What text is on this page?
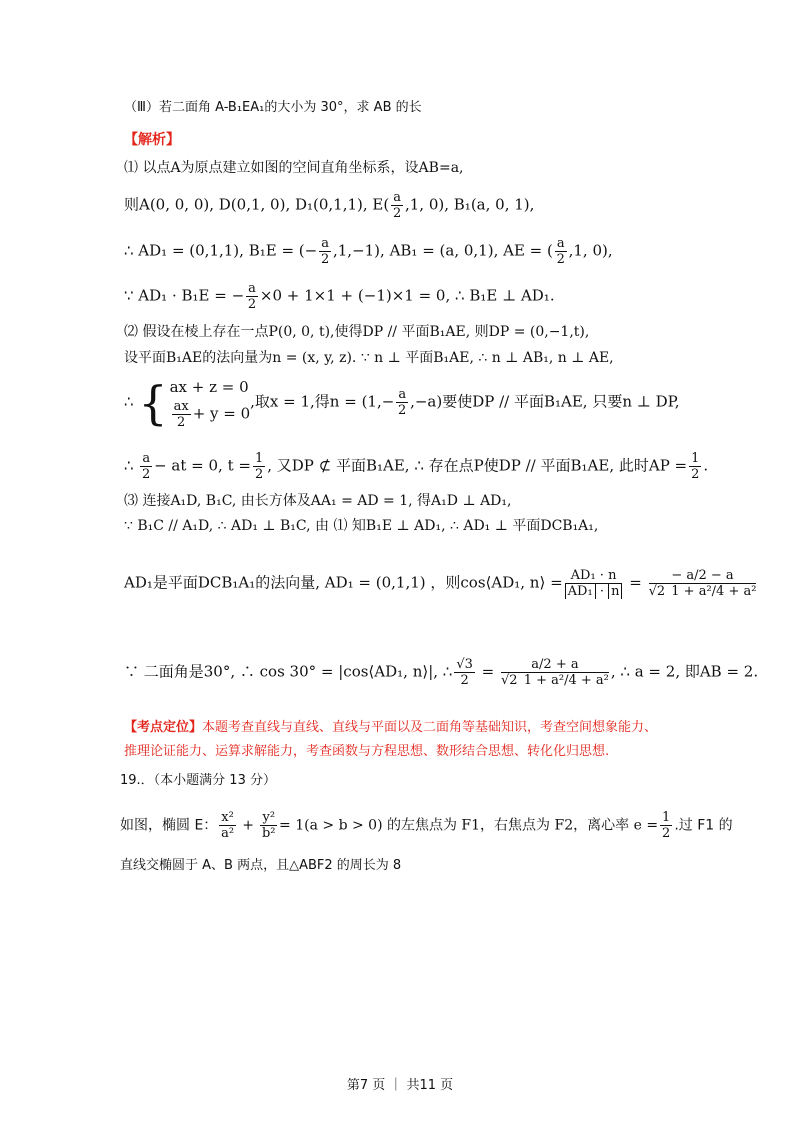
（Ⅲ）若二面角 A-B₁EA₁的大小为 30°，求 AB 的长
【解析】
⑴ 以点A为原点建立如图的空间直角坐标系，设AB=a,
则A(0, 0, 0), D(0,1, 0), D₁(0,1,1), $E( \frac{a}{2} ,1$, 0), B₁(a, 0, 1),
∴ AD₁ = (0,1,1), B₁E = (− $\frac{a}{2} ,1,-1$), AB₁ = (a, 0,1), AE = ( $\frac{a}{2} ,1$, 0),
∵ AD₁ · B₁E = − $\frac{a}{2} \times 0 + 1\times 1 + (-1)\times 1 = 0$, ∴ B₁E ⊥ AD₁.
⑵ 假设在棱上存在一点P(0, 0, t),使得DP // 平面B₁AE, 则DP = (0,−1,t),
设平面B₁AE的法向量为n = (x, y, z). ∵ n ⊥ 平面B₁AE, ∴ n ⊥ AB₁, n ⊥ AE,
∴ { ax + z = 0
$\frac{ax}{2} + y = 0$
,取x = 1,得$n = (1,- \frac{a}{2} ,-a)$要使DP // 平面B₁AE, 只要n ⊥ DP,
∴ $\frac{a}{2}$ − at = 0, $t = \frac{1}{2}$ , 又DP ⊄ 平面B₁AE, ∴ 存在点P使DP // 平面B₁AE, 此时AP = $\frac{1}{2}$ .
⑶ 连接A₁D, B₁C, 由长方体及AA₁ = AD = 1, 得A₁D ⊥ AD₁,
∵ B₁C // A₁D, ∴ AD₁ ⊥ B₁C, 由 ⑴ 知B₁E ⊥ AD₁, ∴ AD₁ ⊥ 平面DCB₁A₁,
AD₁是平面DCB₁A₁的法向量, AD₁ = (0,1,1) ，则cos⟨AD₁, n⟩ = $\frac{\text{AD₁ · n}}{\text{AD₁ · n}} = \frac{- a/2 - a}{\text{√2 1 + a²/4 + a²}}$
∵ 二面角是30°, ∴ cos 30° = |cos⟨AD₁, n⟩|, ∴ $\frac{√3}{2} = \frac{a/2 + a}{\text{√2 1 + a²/4 + a²}}$ , ∴ a = 2, 即AB = 2.
【考点定位】本题考查直线与直线、直线与平面以及二面角等基础知识，考查空间想象能力、
推理论证能力、运算求解能力，考查函数与方程思想、数形结合思想、转化化归思想.
19.．（本小题满分 13 分）
如图，椭圆 E： $\frac{\text{x²}}{\text{a²}} + \frac{\text{y²}}{\text{b²}} = 1(a > b > 0)$ 的左焦点为 F1，右焦点为 F2，离心率 $e = \frac{1}{2}$ .过 F1 的
直线交椭圆于 A、B 两点，且△ABF2 的周长为 8
第7 页 ｜ 共11 页
